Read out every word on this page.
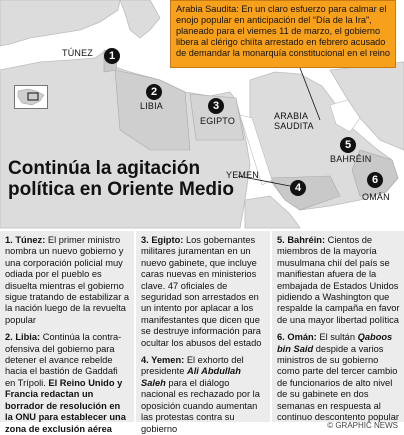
TÚNEZ
LIBIA
EGIPTO	ARABIA
SAUDITA
YEMEN
BAHRÉIN
OMÁN
1
2
3
4
5
6
Arabia Saudita: En un claro esfuerzo para calmar el enojo popular en anticipación del “Día de la Ira”, planeado para el viernes 11 de marzo, el gobierno libera al clérigo chiíta arrestado en febrero acusado de demandar la monarquía constitucional en el reino
Continúa la agitación política en Oriente Medio

1. Túnez: El primer ministro nombra un nuevo gobierno y una corporación policial muy odiada por el pueblo es disuelta mientras el gobierno sigue tratando de estabilizar a la nación luego de la revuelta popular

2. Libia: Continúa la contra-ofensiva del gobierno para detener el avance rebelde hacia el bastión de Gaddafi en Trípoli. El Reino Unido y Francia redactan un borrador de resolución en la ONU para establecer una zona de exclusión aérea

3. Egipto: Los gobernantes militares juramentan en un nuevo gabinete, que incluye caras nuevas en ministerios clave. 47 oficiales de seguridad son arrestados en un intento por aplacar a los manifestantes que dicen que se destruye información para ocultar los abusos del estado

4. Yemen: El exhorto del presidente Ali Abdullah Saleh para el diálogo nacional es rechazado por la oposición cuando aumentan las protestas contra su gobierno

5. Bahréin: Cientos de miembros de la mayoría musulmana chií del país se manifiestan afuera de la embajada de Estados Unidos pidiendo a Washington que respalde la campaña en favor de una mayor libertad política

6. Omán: El sultán Qaboos bin Said despide a varios ministros de su gobierno como parte del tercer cambio de funcionarios de alto nivel de su gabinete en dos semanas en respuesta al continuo descontento popular

© GRAPHIC NEWS
